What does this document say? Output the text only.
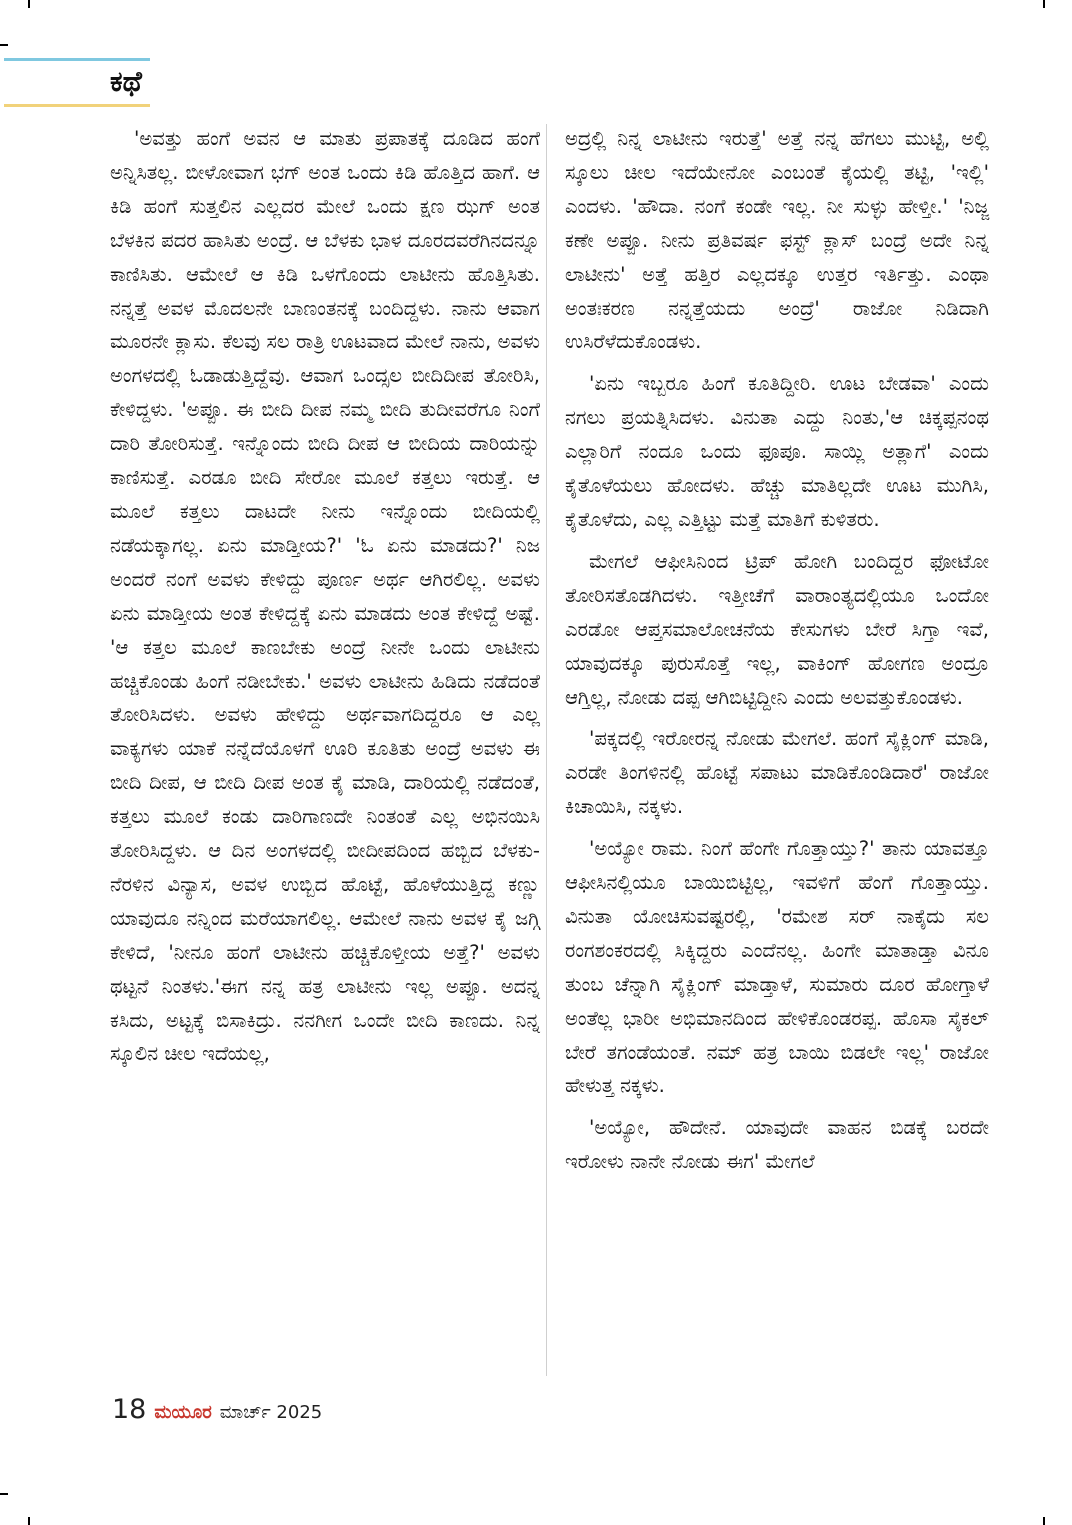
ಕಥೆ

'ಅವತ್ತು ಹಂಗೆ ಅವನ ಆ ಮಾತು ಪ್ರಪಾತಕ್ಕೆ ದೂಡಿದ ಹಂಗೆ ಅನ್ನಿಸಿತಲ್ಲ. ಬೀಳೋವಾಗ ಭಗ್ ಅಂತ ಒಂದು ಕಿಡಿ ಹೊತ್ತಿದ ಹಾಗೆ. ಆ ಕಿಡಿ ಹಂಗೆ ಸುತ್ತಲಿನ ಎಲ್ಲದರ ಮೇಲೆ ಒಂದು ಕ್ಷಣ ಝಗ್ ಅಂತ ಬೆಳಕಿನ ಪದರ ಹಾಸಿತು ಅಂದ್ರೆ. ಆ ಬೆಳಕು ಭಾಳ ದೂರದವರೆಗಿನದನ್ನೂ ಕಾಣಿಸಿತು. ಆಮೇಲೆ ಆ ಕಿಡಿ ಒಳಗೊಂದು ಲಾಟೀನು ಹೊತ್ತಿಸಿತು. ನನ್ನತ್ತೆ ಅವಳ ಮೊದಲನೇ ಬಾಣಂತನಕ್ಕೆ ಬಂದಿದ್ದಳು. ನಾನು ಆವಾಗ ಮೂರನೇ ಕ್ಲಾಸು. ಕೆಲವು ಸಲ ರಾತ್ರಿ ಊಟವಾದ ಮೇಲೆ ನಾನು, ಅವಳು ಅಂಗಳದಲ್ಲಿ ಓಡಾಡುತ್ತಿದ್ದೆವು. ಆವಾಗ ಒಂದ್ಸಲ ಬೀದಿದೀಪ ತೋರಿಸಿ, ಕೇಳಿದ್ದಳು. 'ಅಪ್ಪೂ. ಈ ಬೀದಿ ದೀಪ ನಮ್ಮ ಬೀದಿ ತುದೀವರೆಗೂ ನಿಂಗೆ ದಾರಿ ತೋರಿಸುತ್ತೆ. ಇನ್ನೊಂದು ಬೀದಿ ದೀಪ ಆ ಬೀದಿಯ ದಾರಿಯನ್ನು ಕಾಣಿಸುತ್ತೆ. ಎರಡೂ ಬೀದಿ ಸೇರೋ ಮೂಲೆ ಕತ್ತಲು ಇರುತ್ತೆ. ಆ ಮೂಲೆ ಕತ್ತಲು ದಾಟದೇ ನೀನು ಇನ್ನೊಂದು ಬೀದಿಯಲ್ಲಿ ನಡೆಯಕ್ಕಾಗಲ್ಲ. ಏನು ಮಾಡ್ತೀಯ?' 'ಓ ಏನು ಮಾಡದು?' ನಿಜ ಅಂದರೆ ನಂಗೆ ಅವಳು ಕೇಳಿದ್ದು ಪೂರ್ಣ ಅರ್ಥ ಆಗಿರಲಿಲ್ಲ. ಅವಳು ಏನು ಮಾಡ್ತೀಯ ಅಂತ ಕೇಳಿದ್ದಕ್ಕೆ ಏನು ಮಾಡದು ಅಂತ ಕೇಳಿದ್ದೆ ಅಷ್ಟೆ. 'ಆ ಕತ್ತಲ ಮೂಲೆ ಕಾಣಬೇಕು ಅಂದ್ರೆ ನೀನೇ ಒಂದು ಲಾಟೀನು ಹಚ್ಚಿಕೊಂಡು ಹಿಂಗೆ ನಡೀಬೇಕು.' ಅವಳು ಲಾಟೀನು ಹಿಡಿದು ನಡೆದಂತೆ ತೋರಿಸಿದಳು. ಅವಳು ಹೇಳಿದ್ದು ಅರ್ಥವಾಗದಿದ್ದರೂ ಆ ಎಲ್ಲ ವಾಕ್ಯಗಳು ಯಾಕೆ ನನ್ನೆದೆಯೊಳಗೆ ಊರಿ ಕೂತಿತು ಅಂದ್ರೆ ಅವಳು ಈ ಬೀದಿ ದೀಪ, ಆ ಬೀದಿ ದೀಪ ಅಂತ ಕೈ ಮಾಡಿ, ದಾರಿಯಲ್ಲಿ ನಡೆದಂತೆ, ಕತ್ತಲು ಮೂಲೆ ಕಂಡು ದಾರಿಗಾಣದೇ ನಿಂತಂತೆ ಎಲ್ಲ ಅಭಿನಯಿಸಿ ತೋರಿಸಿದ್ದಳು. ಆ ದಿನ ಅಂಗಳದಲ್ಲಿ ಬೀದೀಪದಿಂದ ಹಬ್ಬಿದ ಬೆಳಕು-ನೆರಳಿನ ವಿನ್ಯಾಸ, ಅವಳ ಉಬ್ಬಿದ ಹೊಟ್ಟೆ, ಹೊಳೆಯುತ್ತಿದ್ದ ಕಣ್ಣು ಯಾವುದೂ ನನ್ನಿಂದ ಮರೆಯಾಗಲಿಲ್ಲ. ಆಮೇಲೆ ನಾನು ಅವಳ ಕೈ ಜಗ್ಗಿ ಕೇಳಿದೆ, 'ನೀನೂ ಹಂಗೆ ಲಾಟೀನು ಹಚ್ಚಿಕೊಳ್ತೀಯ ಅತ್ತೆ?' ಅವಳು ಥಟ್ಟನೆ ನಿಂತಳು.'ಈಗ ನನ್ನ ಹತ್ರ ಲಾಟೀನು ಇಲ್ಲ ಅಪ್ಪೂ. ಅದನ್ನ ಕಸಿದು, ಅಟ್ಟಕ್ಕೆ ಬಿಸಾಕಿದ್ರು. ನನಗೀಗ ಒಂದೇ ಬೀದಿ ಕಾಣದು. ನಿನ್ನ ಸ್ಕೂಲಿನ ಚೀಲ ಇದೆಯಲ್ಲ,

ಅದ್ರಲ್ಲಿ ನಿನ್ನ ಲಾಟೀನು ಇರುತ್ತೆ' ಅತ್ತೆ ನನ್ನ ಹೆಗಲು ಮುಟ್ಟಿ, ಅಲ್ಲಿ ಸ್ಕೂಲು ಚೀಲ ಇದೆಯೇನೋ ಎಂಬಂತೆ ಕೈಯಲ್ಲಿ ತಟ್ಟಿ, 'ಇಲ್ಲಿ' ಎಂದಳು. 'ಹೌದಾ. ನಂಗೆ ಕಂಡೇ ಇಲ್ಲ. ನೀ ಸುಳ್ಳು ಹೇಳ್ತೀ.' 'ನಿಜ್ಜ ಕಣೇ ಅಪ್ಪೂ. ನೀನು ಪ್ರತಿವರ್ಷ ಫಸ್ಟ್ ಕ್ಲಾಸ್ ಬಂದ್ರೆ ಅದೇ ನಿನ್ನ ಲಾಟೀನು' ಅತ್ತೆ ಹತ್ತಿರ ಎಲ್ಲದಕ್ಕೂ ಉತ್ತರ ಇರ್ತಿತ್ತು. ಎಂಥಾ ಅಂತಃಕರಣ ನನ್ನತ್ತೆಯದು ಅಂದ್ರೆ' ರಾಜೋ ನಿಡಿದಾಗಿ ಉಸಿರೆಳೆದುಕೊಂಡಳು.

'ಏನು ಇಬ್ಬರೂ ಹಿಂಗೆ ಕೂತಿದ್ದೀರಿ. ಊಟ ಬೇಡವಾ' ಎಂದು ನಗಲು ಪ್ರಯತ್ನಿಸಿದಳು. ವಿನುತಾ ಎದ್ದು ನಿಂತು,'ಆ ಚಿಕ್ಕಪ್ಪನಂಥ ಎಲ್ಲಾರಿಗೆ ನಂದೂ ಒಂದು ಫೂಪೂ. ಸಾಯ್ಲಿ ಅತ್ಲಾಗೆ' ಎಂದು ಕೈತೊಳೆಯಲು ಹೋದಳು. ಹೆಚ್ಚು ಮಾತಿಲ್ಲದೇ ಊಟ ಮುಗಿಸಿ, ಕೈತೊಳೆದು, ಎಲ್ಲ ಎತ್ತಿಟ್ಟು ಮತ್ತೆ ಮಾತಿಗೆ ಕುಳಿತರು.

ಮೇಗಲೆ ಆಫೀಸಿನಿಂದ ಟ್ರಿಪ್ ಹೋಗಿ ಬಂದಿದ್ದರ ಫೋಟೋ ತೋರಿಸತೊಡಗಿದಳು. ಇತ್ತೀಚೆಗೆ ವಾರಾಂತ್ಯದಲ್ಲಿಯೂ ಒಂದೋ ಎರಡೋ ಆಪ್ತಸಮಾಲೋಚನೆಯ ಕೇಸುಗಳು ಬೇರೆ ಸಿಗ್ತಾ ಇವೆ, ಯಾವುದಕ್ಕೂ ಪುರುಸೊತ್ತೆ ಇಲ್ಲ, ವಾಕಿಂಗ್ ಹೋಗಣ ಅಂದ್ರೂ ಆಗ್ತಿಲ್ಲ, ನೋಡು ದಪ್ಪ ಆಗಿಬಿಟ್ಟಿದ್ದೀನಿ ಎಂದು ಅಲವತ್ತುಕೊಂಡಳು.

'ಪಕ್ಕದಲ್ಲಿ ಇರೋರನ್ನ ನೋಡು ಮೇಗಲೆ. ಹಂಗೆ ಸೈಕ್ಲಿಂಗ್ ಮಾಡಿ, ಎರಡೇ ತಿಂಗಳಿನಲ್ಲಿ ಹೊಟ್ಟೆ ಸಪಾಟು ಮಾಡಿಕೊಂಡಿದಾರೆ' ರಾಜೋ ಕಿಚಾಯಿಸಿ, ನಕ್ಕಳು.

'ಅಯ್ಯೋ ರಾಮ. ನಿಂಗೆ ಹೆಂಗೇ ಗೊತ್ತಾಯ್ತು?' ತಾನು ಯಾವತ್ತೂ ಆಫೀಸಿನಲ್ಲಿಯೂ ಬಾಯಿಬಿಟ್ಟಿಲ್ಲ, ಇವಳಿಗೆ ಹೆಂಗೆ ಗೊತ್ತಾಯ್ತು. ವಿನುತಾ ಯೋಚಿಸುವಷ್ಟರಲ್ಲಿ, 'ರಮೇಶ ಸರ್ ನಾಕೈದು ಸಲ ರಂಗಶಂಕರದಲ್ಲಿ ಸಿಕ್ಕಿದ್ದರು ಎಂದೆನಲ್ಲ. ಹಿಂಗೇ ಮಾತಾಡ್ತಾ ವಿನೂ ತುಂಬ ಚೆನ್ನಾಗಿ ಸೈಕ್ಲಿಂಗ್ ಮಾಡ್ತಾಳೆ, ಸುಮಾರು ದೂರ ಹೋಗ್ತಾಳೆ ಅಂತೆಲ್ಲ ಭಾರೀ ಅಭಿಮಾನದಿಂದ ಹೇಳಿಕೊಂಡರಪ್ಪ. ಹೊಸಾ ಸೈಕಲ್ ಬೇರೆ ತಗಂಡೆಯಂತೆ. ನಮ್ ಹತ್ರ ಬಾಯಿ ಬಿಡಲೇ ಇಲ್ಲ' ರಾಜೋ ಹೇಳುತ್ತ ನಕ್ಕಳು.

'ಅಯ್ಯೋ, ಹೌದೇನೆ. ಯಾವುದೇ ವಾಹನ ಬಿಡಕ್ಕೆ ಬರದೇ ಇರೋಳು ನಾನೇ ನೋಡು ಈಗ' ಮೇಗಲೆ

18 ಮಯೂರ ಮಾರ್ಚ್ 2025
